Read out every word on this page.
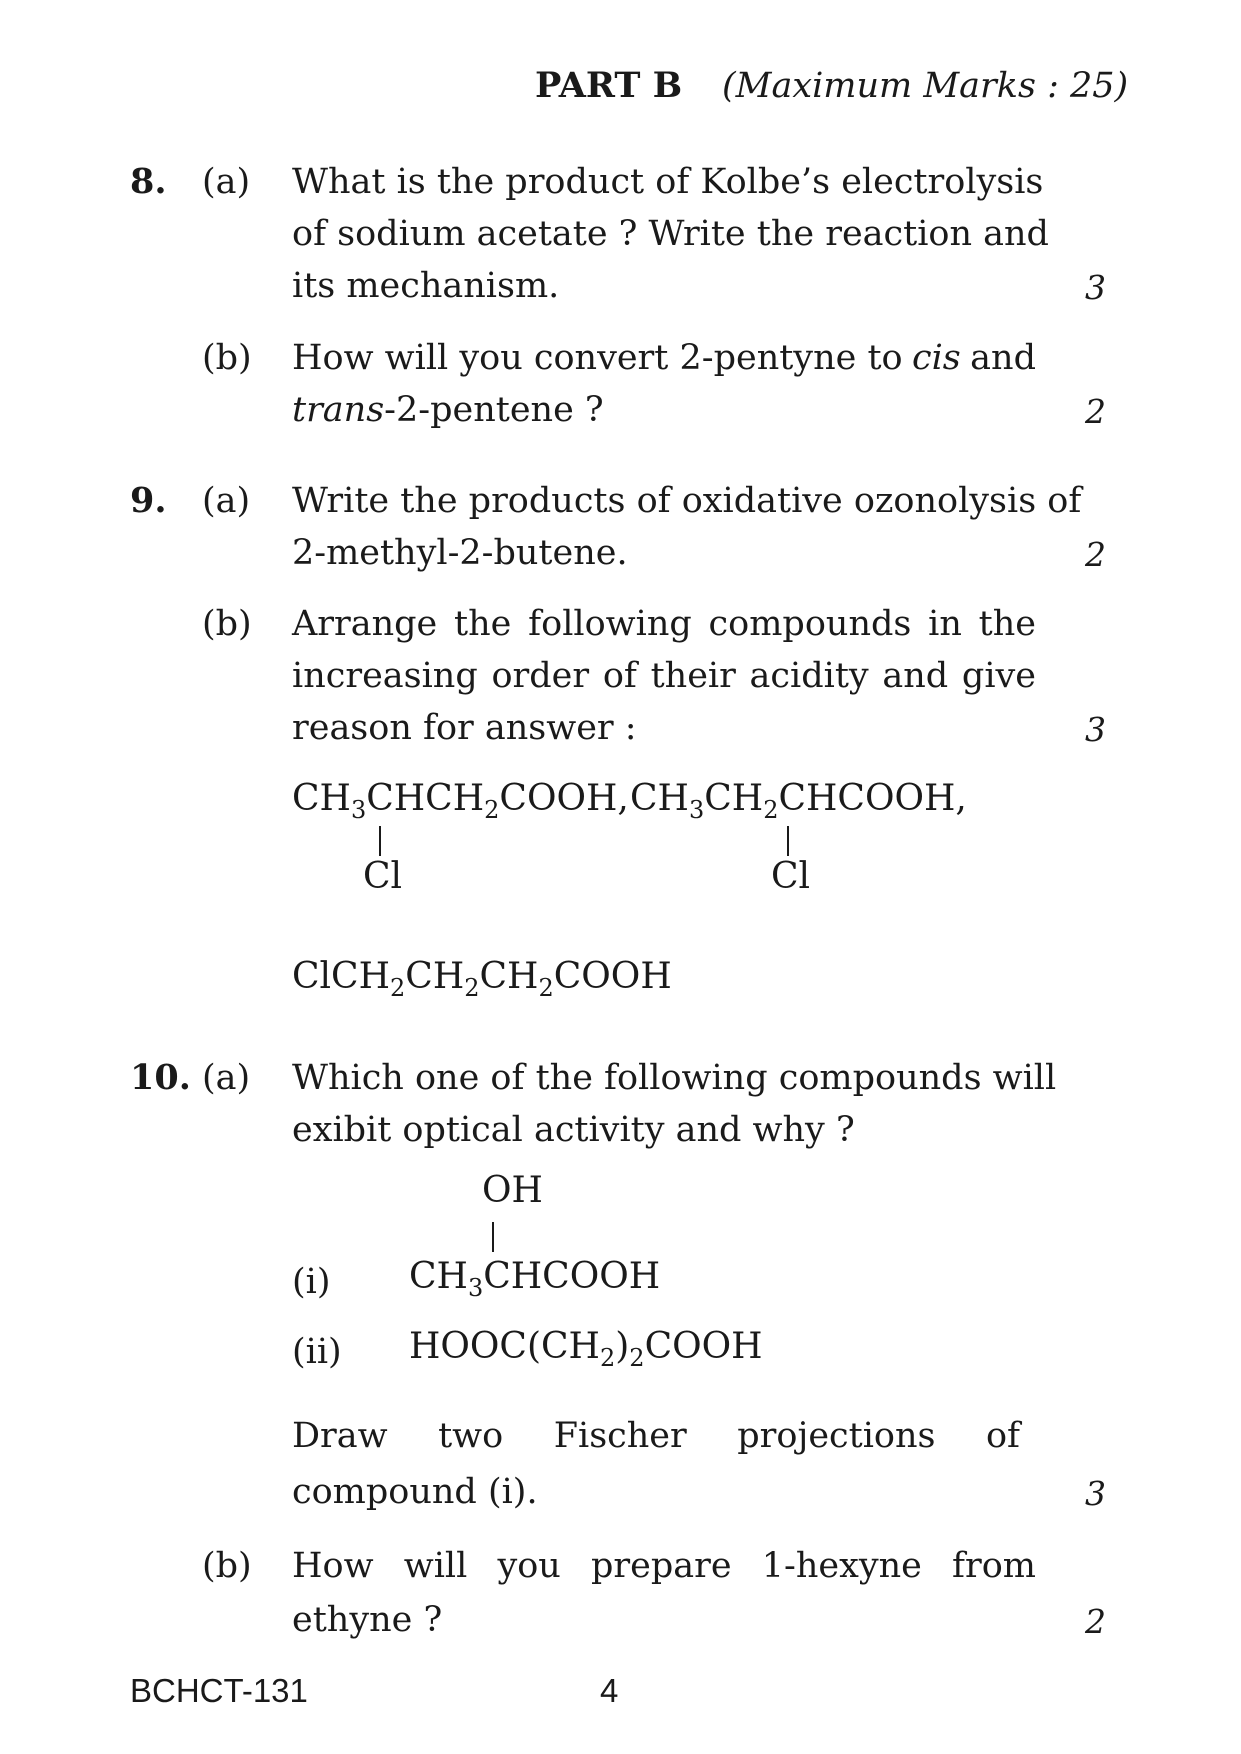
PART B (Maximum Marks : 25)
8. (a) What is the product of Kolbe’s electrolysis
of sodium acetate ? Write the reaction and
its mechanism.	3
(b) How will you convert 2-pentyne to cis and
trans-2-pentene ?	2
9. (a) Write the products of oxidative ozonolysis of
2-methyl-2-butene.	2
(b) Arrange the following compounds in the
increasing order of their acidity and give
reason for answer :	3
$CH_3CHCH_2COOH$,
Cl
$CH_3CH_2CHCOOH$,
Cl
$ClCH_2CH_2CH_2COOH$
10. (a) Which one of the following compounds will
exibit optical activity and why ?
OH
(i) $CH_3CHCOOH$
(ii) $HOOC(CH_2)_2COOH$
Draw two Fischer projections of
compound (i).	3
(b) How will you prepare 1-hexyne from
ethyne ?	2
BCHCT-131	4
